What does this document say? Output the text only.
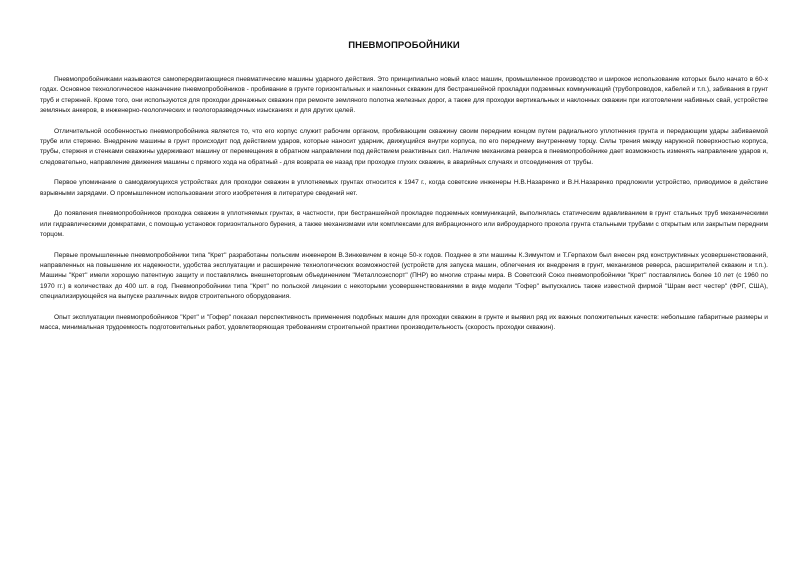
ПНЕВМОПРОБОЙНИКИ

Пневмопробойниками называются самопередвигающиеся пневматические машины ударного действия. Это принципиально новый класс машин, промышленное производство и широкое использование которых было начато в 60-х годах. Основное технологическое назначение пневмопробойников - пробивание в грунте горизонтальных и наклонных скважин для бестраншейной прокладки подземных коммуникаций (трубопроводов, кабелей и т.п.), забивания в грунт труб и стержней. Кроме того, они используются для проходки дренажных скважин при ремонте земляного полотна железных дорог, а также для проходки вертикальных и наклонных скважин при изготовлении набивных свай, устройстве земляных анкеров, в инженерно-геологических и геологоразведочных изысканиях и для других целей.

Отличительной особенностью пневмопробойника является то, что его корпус служит рабочим органом, пробивающим скважину своим передним концом путем радиального уплотнения грунта и передающим удары забиваемой трубе или стержню. Внедрение машины в грунт происходит под действием ударов, которые наносит ударник, движущийся внутри корпуса, по его переднему внутреннему торцу. Силы трения между наружной поверхностью корпуса, трубы, стержня и стенками скважины удерживают машину от перемещения в обратном направлении под действием реактивных сил. Наличие механизма реверса в пневмопробойнике дает возможность изменять направление ударов и, следовательно, направление движения машины с прямого хода на обратный - для возврата ее назад при проходке глухих скважин, в аварийных случаях и отсоединения от трубы.

Первое упоминание о самодвижущихся устройствах для проходки скважин в уплотняемых грунтах относится к 1947 г., когда советские инженеры Н.В.Назаренко и В.Н.Назаренко предложили устройство, приводимое в действие взрывными зарядами. О промышленном использовании этого изобретения в литературе сведений нет.

До появления пневмопробойников проходка скважин в уплотняемых грунтах, в частности, при бестраншейной прокладке подземных коммуникаций, выполнялась статическим вдавливанием в грунт стальных труб механическими или гидравлическими домкратами, с помощью установок горизонтального бурения, а также механизмами или комплексами для вибрационного или виброударного прокола грунта стальными трубами с открытым или закрытым передним торцом.

Первые промышленные пневмопробойники типа "Крет" разработаны польским инженером В.Зинкевичем в конце 50-х годов. Позднее в эти машины К.Зимунтом и Т.Герпахом был внесен ряд конструктивных усовершенствований, направленных на повышение их надежности, удобства эксплуатации и расширение технологических возможностей (устройств для запуска машин, облегчения их внедрения в грунт, механизмов реверса, расширителей скважин и т.п.). Машины "Крет" имели хорошую патентную защиту и поставлялись внешнеторговым объединением "Металлоэкспорт" (ПНР) во многие страны мира. В Советский Союз пневмопробойники "Крет" поставлялись более 10 лет (с 1960 по 1970 гг.) в количествах до 400 шт. в год. Пневмопробойники типа "Крет" по польской лицензии с некоторыми усовершенствованиями в виде модели "Гофер" выпускались также известной фирмой "Шрам вест честер" (ФРГ, США), специализирующейся на выпуске различных видов строительного оборудования.

Опыт эксплуатации пневмопробойников "Крет" и "Гофер" показал перспективность применения подобных машин для проходки скважин в грунте и выявил ряд их важных положительных качеств: небольшие габаритные размеры и масса, минимальная трудоемкость подготовительных работ, удовлетворяющая требованиям строительной практики производительность (скорость проходки скважин).
